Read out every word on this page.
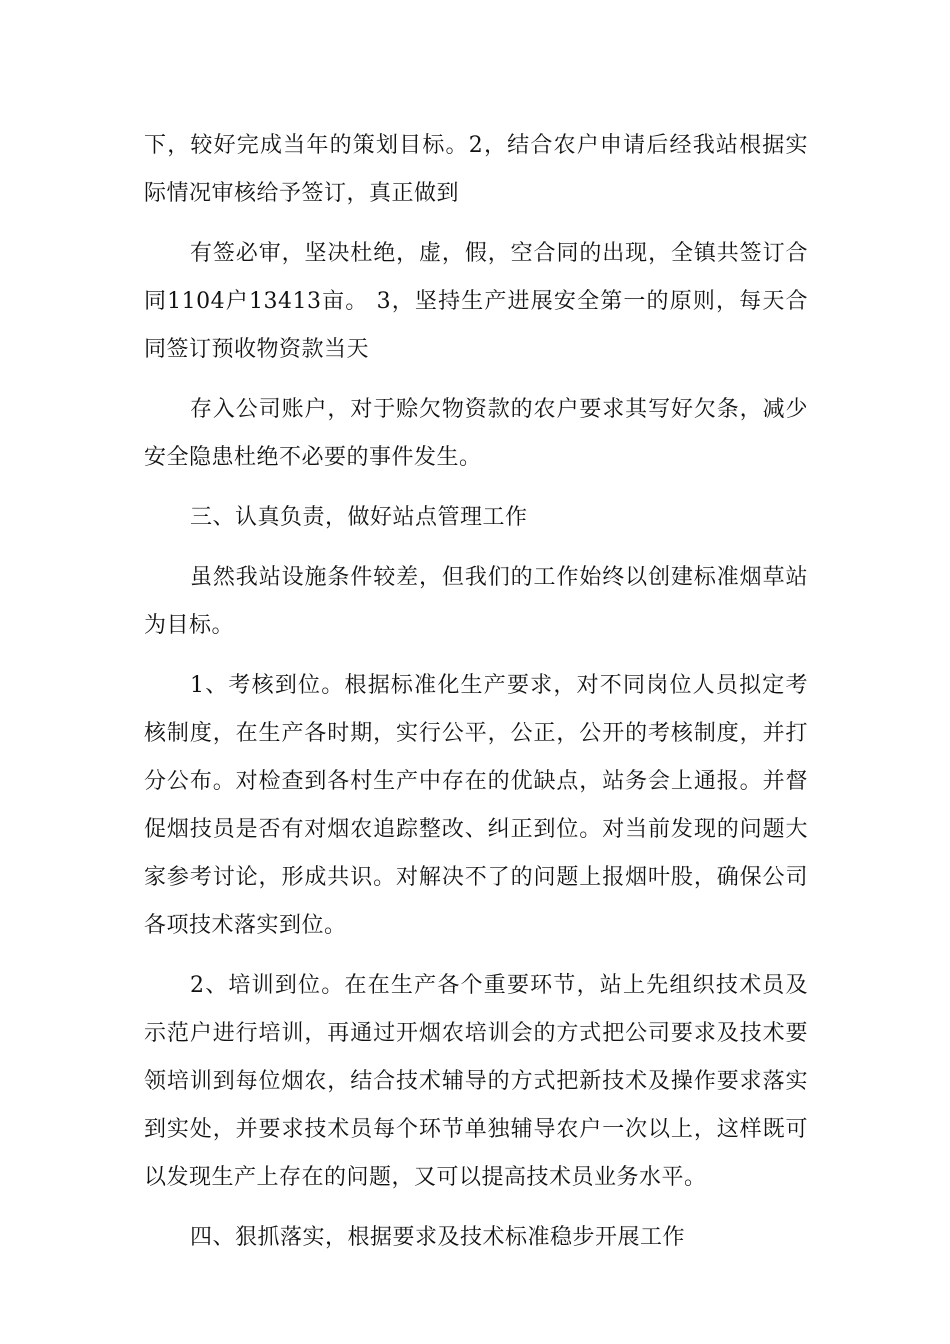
下，较好完成当年的策划目标。2，结合农户申请后经我站根据实际情况审核给予签订，真正做到

有签必审，坚决杜绝，虚，假，空合同的出现，全镇共签订合同1104户13413亩。 3，坚持生产进展安全第一的原则，每天合同签订预收物资款当天

存入公司账户，对于赊欠物资款的农户要求其写好欠条，减少安全隐患杜绝不必要的事件发生。

三、认真负责，做好站点管理工作

虽然我站设施条件较差，但我们的工作始终以创建标准烟草站为目标。

1、考核到位。根据标准化生产要求，对不同岗位人员拟定考核制度，在生产各时期，实行公平，公正，公开的考核制度，并打分公布。对检查到各村生产中存在的优缺点，站务会上通报。并督促烟技员是否有对烟农追踪整改、纠正到位。对当前发现的问题大家参考讨论，形成共识。对解决不了的问题上报烟叶股，确保公司各项技术落实到位。

2、培训到位。在在生产各个重要环节，站上先组织技术员及示范户进行培训，再通过开烟农培训会的方式把公司要求及技术要领培训到每位烟农，结合技术辅导的方式把新技术及操作要求落实到实处，并要求技术员每个环节单独辅导农户一次以上，这样既可以发现生产上存在的问题，又可以提高技术员业务水平。

四、狠抓落实，根据要求及技术标准稳步开展工作
